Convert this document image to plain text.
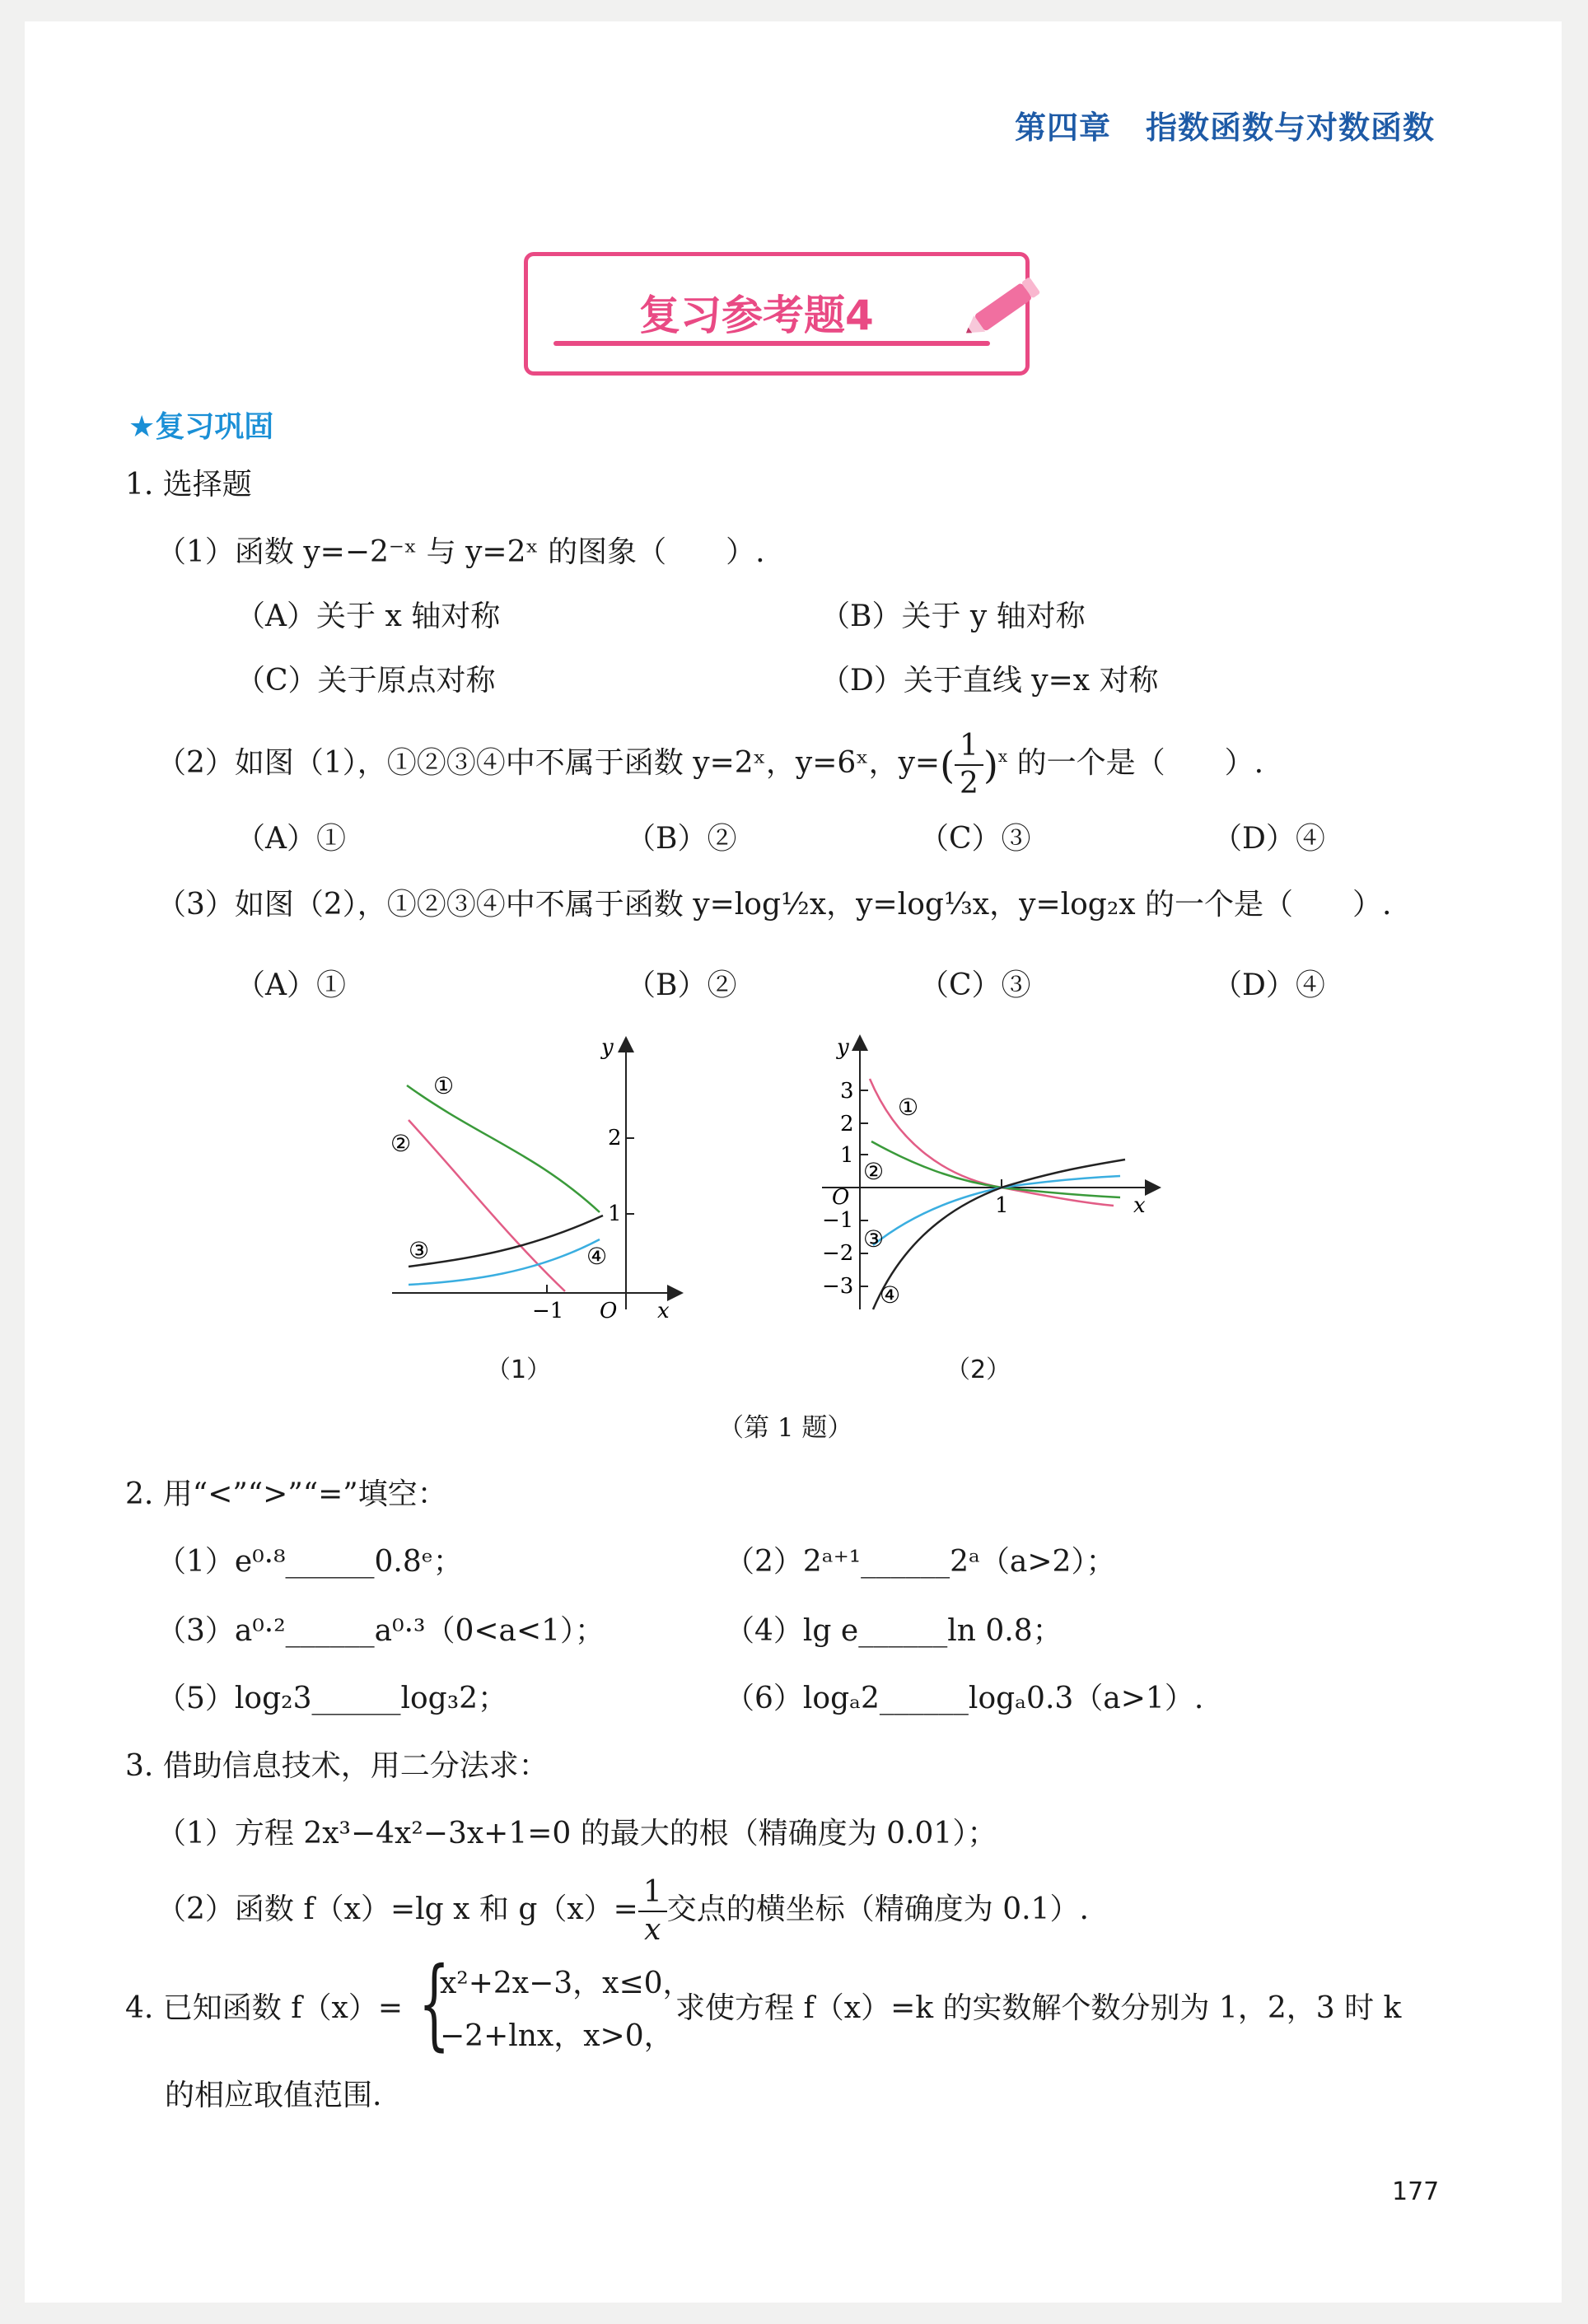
第四章 指数函数与对数函数
复习参考题4
★复习巩固
1. 选择题
（1）函数 y=−2⁻ˣ 与 y=2ˣ 的图象（　　）.
（A）关于 x 轴对称	（B）关于 y 轴对称
（C）关于原点对称	（D）关于直线 y=x 对称
（2）如图（1），①②③④中不属于函数 y=2ˣ，y=6ˣ，$y=( \frac{1}{2} )^x$ 的一个是（　　）.
（A）①	（B）②	（C）③	（D）④
（3）如图（2），①②③④中不属于函数 y=log½x，y=log⅓x，y=log₂x 的一个是（　　）.
（A）①	（B）②	（C）③	（D）④
①
②
③	④
y
x
−1 O
1
2
（1）
①
②
③
④
y
x
O	1
3
2
1
−1
−2
−3
（2）
（第 1 题）
2. 用“<”“>”“=”填空：
（1）e⁰·⁸______0.8ᵉ；	（2）2ᵃ⁺¹______2ᵃ（a>2）；
（3）a⁰·²______a⁰·³（0<a<1）；	（4）lg e______ln 0.8；
（5）log₂3______log₃2；	（6）logₐ2______logₐ0.3（a>1）.
3. 借助信息技术，用二分法求：
（1）方程 2x³−4x²−3x+1=0 的最大的根（精确度为 0.01）；
（2）函数 f（x）=lg x 和 $g(x)= \frac{1}{x}$ 交点的横坐标（精确度为 0.1）.
4. 已知函数 f（x）= {
x²+2x−3，x≤0，
−2+lnx，x>0，
求使方程 f（x）=k 的实数解个数分别为 1，2，3 时 k
的相应取值范围.
177
